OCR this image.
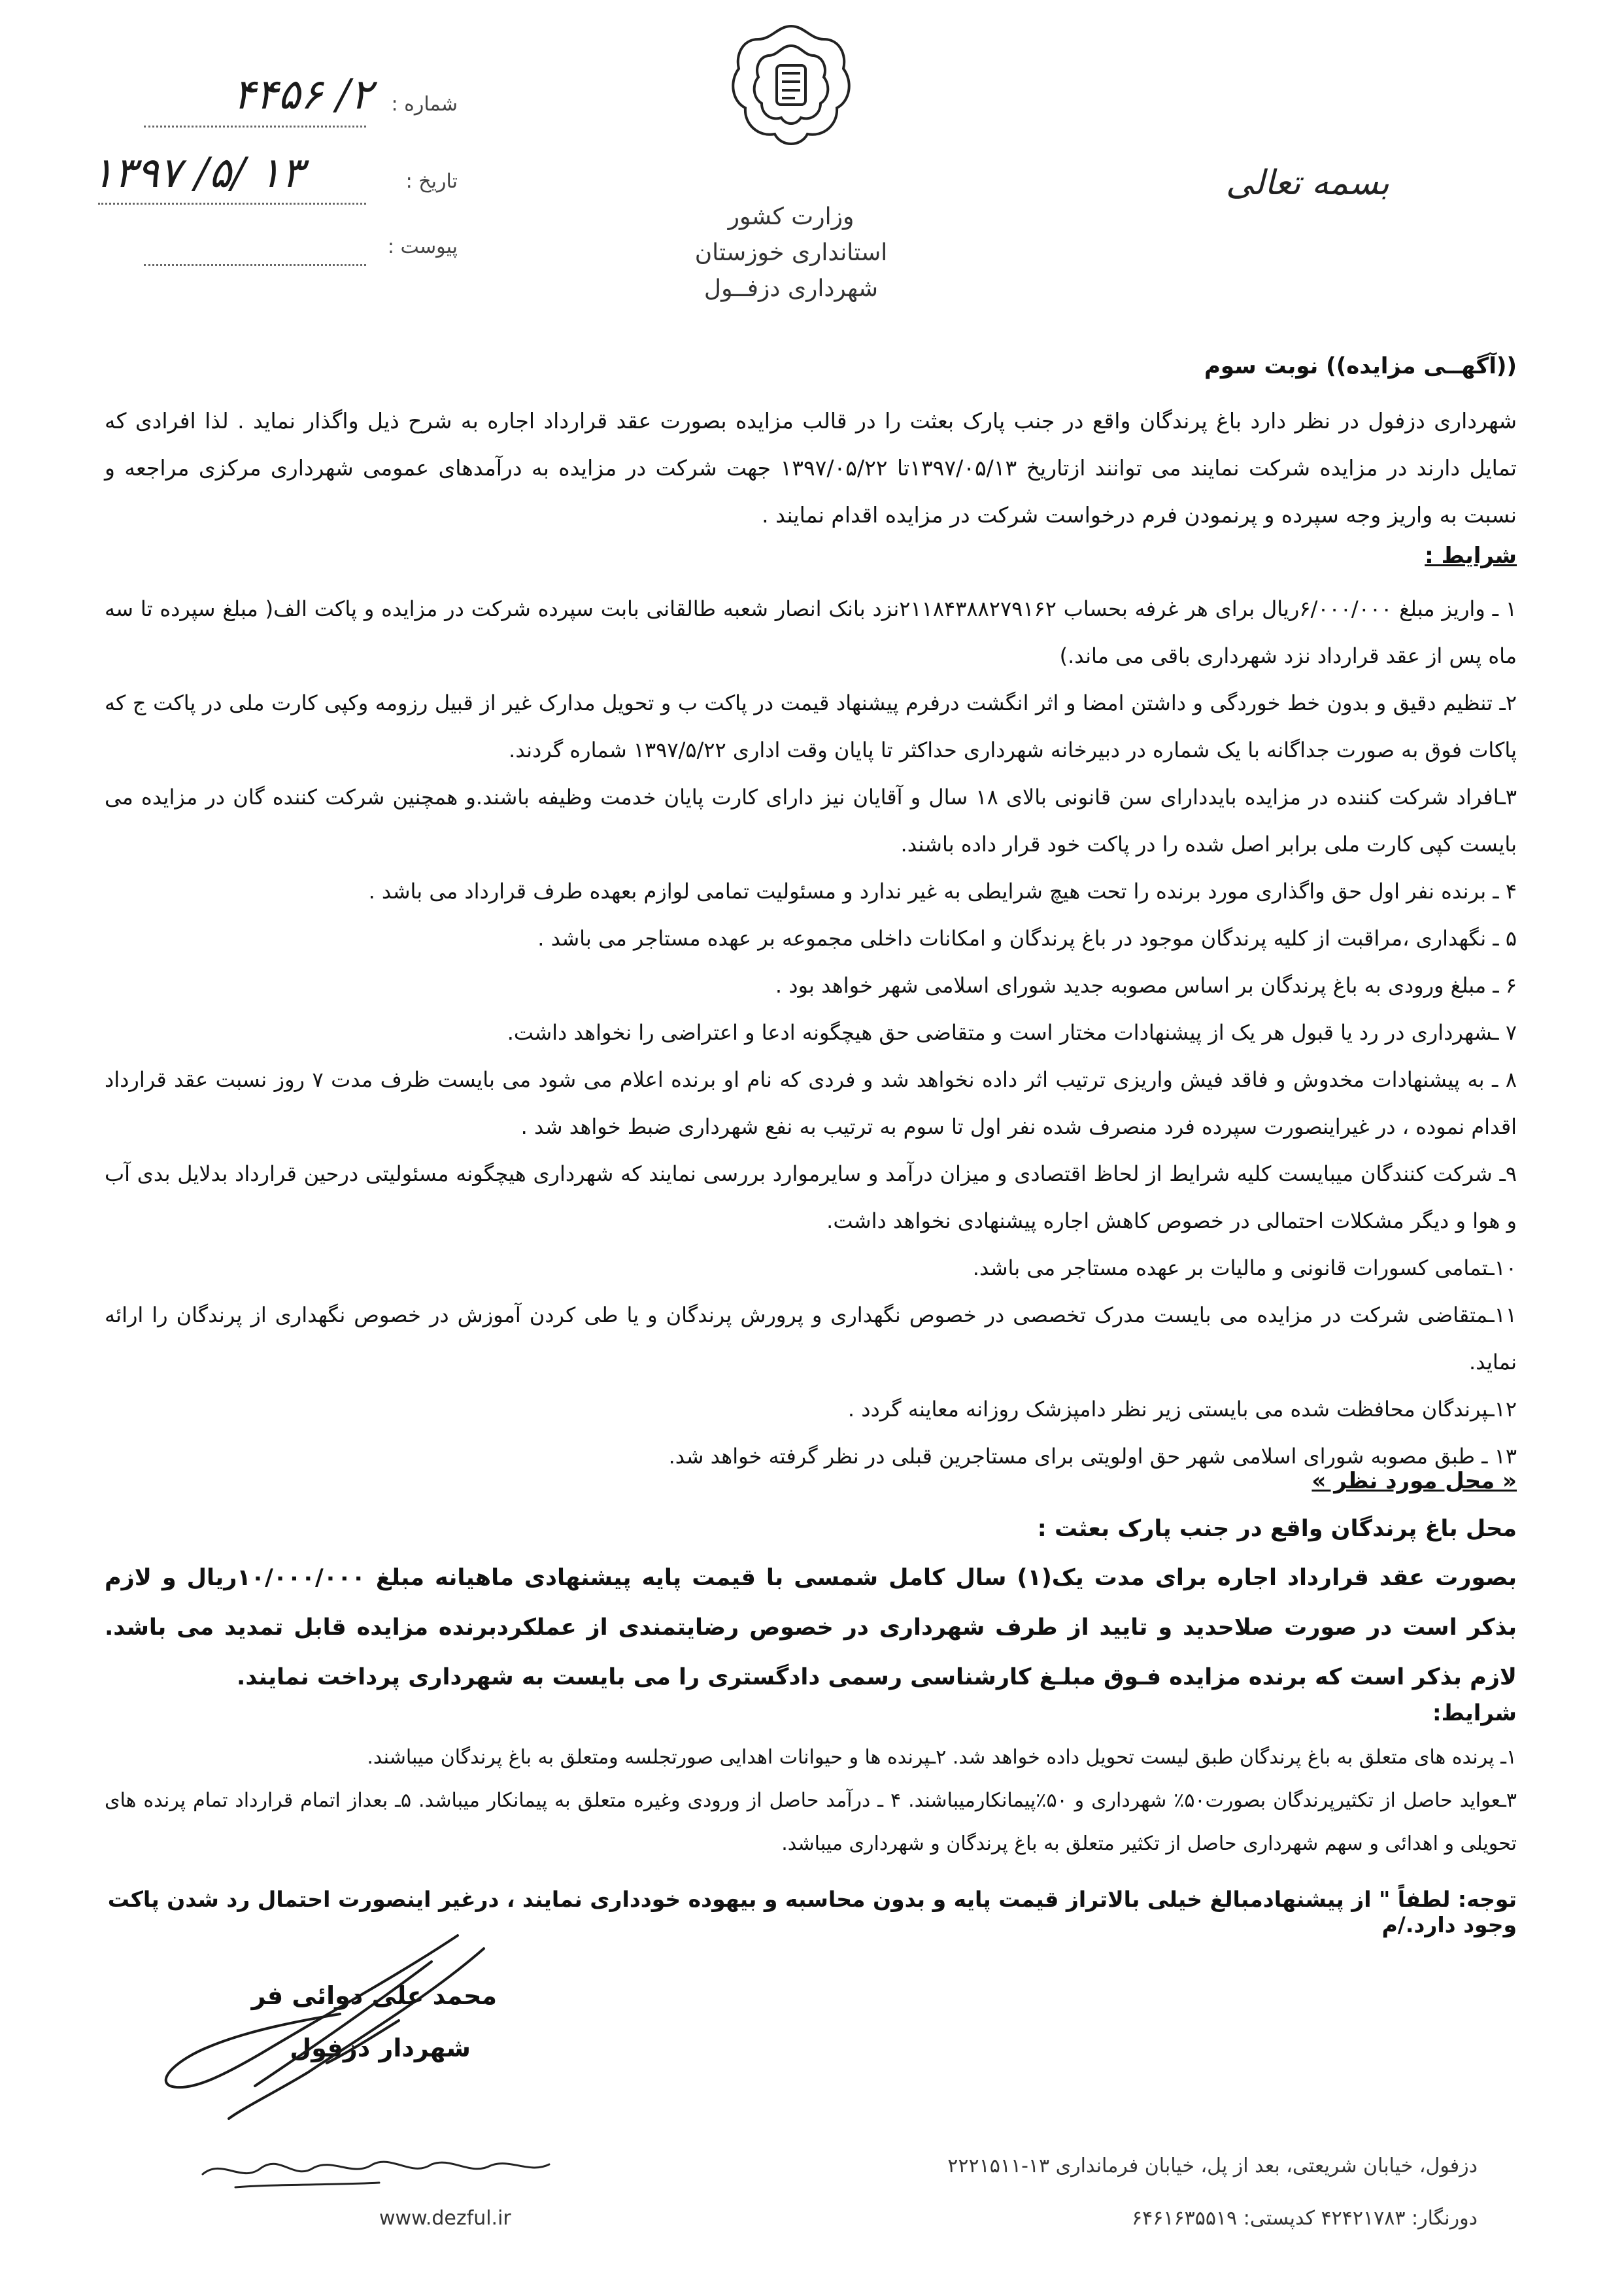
شماره :
۲/ ۴۴۵۶
تاریخ :
۱۳۹۷ /۵/ ۱۳
پیوست :
بسمه تعالی
وزارت کشور
استانداری خوزستان
شهرداری دزفــول
((آگهــی مزایده)) نوبت سوم
شهرداری دزفول در نظر دارد باغ پرندگان واقع در جنب پارک بعثت را در قالب مزایده بصورت عقد قرارداد اجاره به شرح ذیل واگذار نماید . لذا افرادی که تمایل دارند در مزایده شرکت نمایند می توانند ازتاریخ ۱۳۹۷/۰۵/۱۳تا ۱۳۹۷/۰۵/۲۲ جهت شرکت در مزایده به درآمدهای عمومی شهرداری مرکزی مراجعه و نسبت به واریز وجه سپرده و پرنمودن فرم درخواست شرکت در مزایده اقدام نمایند .
شرایط :
۱ ـ واریز مبلغ ۶/۰۰۰/۰۰۰ریال برای هر غرفه بحساب ۲۱۱۸۴۳۸۸۲۷۹۱۶۲نزد بانک انصار شعبه طالقانی بابت سپرده شرکت در مزایده و پاکت الف( مبلغ سپرده تا سه ماه پس از عقد قرارداد نزد شهرداری باقی می ماند.)
۲ـ تنظیم دقیق و بدون خط خوردگی و داشتن امضا و اثر انگشت درفرم پیشنهاد قیمت در پاکت ب و تحویل مدارک غیر از قبیل رزومه وکپی کارت ملی در پاکت ج که پاکات فوق به صورت جداگانه با یک شماره در دبیرخانه شهرداری حداکثر تا پایان وقت اداری ۱۳۹۷/۵/۲۲ شماره گردند.
۳ـافراد شرکت کننده در مزایده بایدداراى سن قانونى بالاى ۱۸ سال و آقایان نیز دارای کارت پایان خدمت وظیفه باشند.و همچنین شرکت کننده گان در مزایده می بایست کپی کارت ملی برابر اصل شده را در پاکت خود قرار داده باشند.
۴ ـ برنده نفر اول حق واگذاری مورد برنده را تحت هیچ شرایطی به غیر ندارد و مسئولیت تمامی لوازم بعهده طرف قرارداد می باشد .
۵ ـ نگهداری ،مراقبت از کلیه پرندگان موجود در باغ پرندگان و امکانات داخلی مجموعه بر عهده مستاجر می باشد .
۶ ـ مبلغ ورودی به باغ پرندگان بر اساس مصوبه جدید شورای اسلامی شهر خواهد بود .
۷ ـشهرداری در رد یا قبول هر یک از پیشنهادات مختار است و متقاضی حق هیچگونه ادعا و اعتراضی را نخواهد داشت.
۸ ـ به پیشنهادات مخدوش و فاقد فیش واریزی ترتیب اثر داده نخواهد شد و فردی که نام او برنده اعلام می شود می بایست ظرف مدت ۷ روز نسبت عقد قرارداد اقدام نموده ، در غیراینصورت سپرده فرد منصرف شده نفر اول تا سوم به ترتیب به نفع شهرداری ضبط خواهد شد .
۹ـ شرکت کنندگان میبایست کلیه شرایط از لحاظ اقتصادی و میزان درآمد و سایرموارد بررسی نمایند که شهرداری هیچگونه مسئولیتی درحین قرارداد بدلایل بدی آب و هوا و دیگر مشکلات احتمالی در خصوص کاهش اجاره پیشنهادی نخواهد داشت.
۱۰ـتمامی کسورات قانونی و مالیات بر عهده مستاجر می باشد.
۱۱ـمتقاضی شرکت در مزایده می بایست مدرک تخصصی در خصوص نگهداری و پرورش پرندگان و یا طی کردن آموزش در خصوص نگهداری از پرندگان را ارائه نماید.
۱۲ـپرندگان محافظت شده می بایستی زیر نظر دامپزشک روزانه معاینه گردد .
۱۳ ـ طبق مصوبه شورای اسلامی شهر حق اولویتی برای مستاجرین قبلی در نظر گرفته خواهد شد.
« محل مورد نظر »
محل باغ پرندگان واقع در جنب پارک بعثت :
بصورت عقد قرارداد اجاره برای مدت یک(۱) سال کامل شمسی با قیمت پایه پیشنهادی ماهیانه مبلغ ۱۰/۰۰۰/۰۰۰ریال و لازم بذکر است در صورت صلاحدید و تایید از طرف شهرداری در خصوص رضایتمندی از عملکردبرنده مزایده قابل تمدید می باشد. لازم بذکر است که برنده مزایده فـوق مبلـغ کارشناسی رسمی دادگستری را می بایست به شهرداری پرداخت نمایند.
شرایط:
۱ـ پرنده های متعلق به باغ پرندگان طبق لیست تحویل داده خواهد شد. ۲ـپرنده ها و حیوانات اهدایی صورتجلسه ومتعلق به باغ پرندگان میباشند.
۳ـعواید حاصل از تکثیرپرندگان بصورت۵۰٪ شهرداری و ۵۰٪پیمانکارمیباشند. ۴ ـ درآمد حاصل از ورودی وغیره متعلق به پیمانکار میباشد. ۵ـ بعداز اتمام قرارداد تمام پرنده های تحویلی و اهدائی و سهم شهرداری حاصل از تکثیر متعلق به باغ پرندگان و شهرداری میباشد.
توجه: لطفاً " از پیشنهادمبالغ خیلی بالاتراز قیمت پایه و بدون محاسبه و بیهوده خودداری نمایند ، درغیر اینصورت احتمال رد شدن پاکت وجود دارد./م
محمد علی دوائی فر
شهردار دزفول
دزفول، خیابان شریعتی، بعد از پل، خیابان فرمانداری ۱۳-۲۲۲۱۵۱۱
دورنگار: ۴۲۴۲۱۷۸۳ کدپستی: ۶۴۶۱۶۳۵۵۱۹
www.dezful.ir
